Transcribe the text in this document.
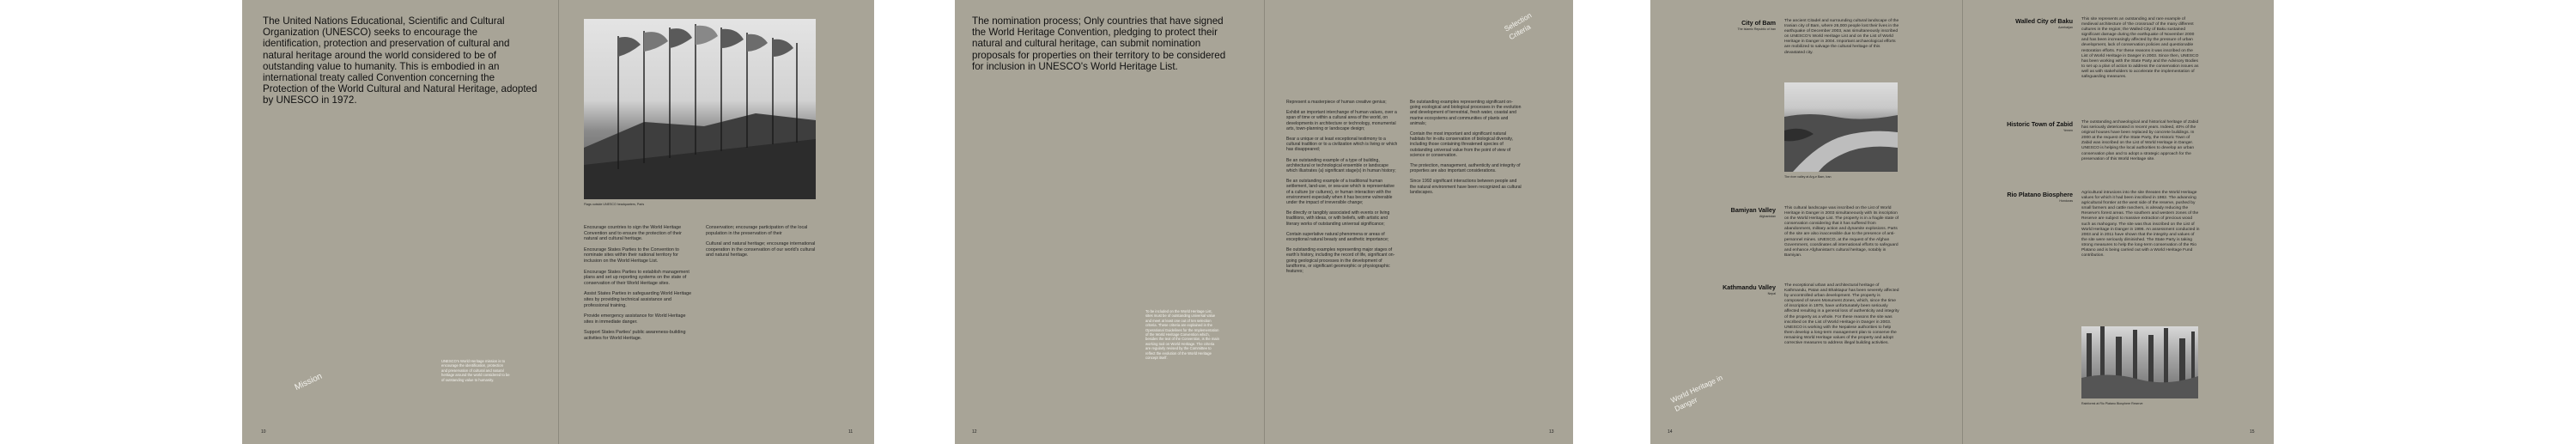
The United Nations Educational, Scientific and Cultural Organization (UNESCO) seeks to encourage the identification, protection and preservation of cultural and natural heritage around the world considered to be of outstanding value to humanity. This is embodied in an international treaty called Convention concerning the Protection of the World Cultural and Natural Heritage, adopted by UNESCO in 1972.

Flags outside UNESCO headquarters, Paris

Encourage countries to sign the World Heritage Convention and to ensure the protection of their natural and cultural heritage.

Encourage States Parties to the Convention to nominate sites within their national territory for inclusion on the World Heritage List.

Encourage States Parties to establish management plans and set up reporting systems on the state of conservation of their World Heritage sites.

Assist States Parties in safeguarding World Heritage sites by providing technical assistance and professional training.

Provide emergency assistance for World Heritage sites in immediate danger.

Support States Parties' public awareness-building activities for World Heritage.

Conservation; encourage participation of the local population in the preservation of their

Cultural and natural heritage; encourage international cooperation in the conservation of our world's cultural and natural heritage.

UNESCO's World Heritage mission is to encourage the identification, protection and preservation of cultural and natural heritage around the world considered to be of outstanding value to humanity.
Mission
10	11

The nomination process; Only countries that have signed the World Heritage Convention, pledging to protect their natural and cultural heritage, can submit nomination proposals for properties on their territory to be considered for inclusion in UNESCO's World Heritage List.

Selection Criteria

Represent a masterpiece of human creative genius;

Exhibit an important interchange of human values, over a span of time or within a cultural area of the world, on developments in architecture or technology, monumental arts, town-planning or landscape design;

Bear a unique or at least exceptional testimony to a cultural tradition or to a civilization which is living or which has disappeared;

Be an outstanding example of a type of building, architectural or technological ensemble or landscape which illustrates (a) significant stage(s) in human history;

Be an outstanding example of a traditional human settlement, land-use, or sea-use which is representative of a culture (or cultures), or human interaction with the environment especially when it has become vulnerable under the impact of irreversible change;

Be directly or tangibly associated with events or living traditions, with ideas, or with beliefs, with artistic and literary works of outstanding universal significance;

Contain superlative natural phenomena or areas of exceptional natural beauty and aesthetic importance;

Be outstanding examples representing major stages of earth's history, including the record of life, significant on-going geological processes in the development of landforms, or significant geomorphic or physiographic features;

Be outstanding examples representing significant on-going ecological and biological processes in the evolution and development of terrestrial, fresh water, coastal and marine ecosystems and communities of plants and animals;

Contain the most important and significant natural habitats for in-situ conservation of biological diversity, including those containing threatened species of outstanding universal value from the point of view of science or conservation.

The protection, management, authenticity and integrity of properties are also important considerations.

Since 1992 significant interactions between people and the natural environment have been recognized as cultural landscapes.

To be included on the World Heritage List, sites must be of outstanding universal value and meet at least one out of ten selection criteria. These criteria are explained in the Operational Guidelines for the Implementation of the World Heritage Convention which, besides the text of the Convention, is the main working tool on World Heritage. The criteria are regularly revised by the Committee to reflect the evolution of the World Heritage concept itself.
12	13
City of Bam
The Islamic Republic of Iran

The ancient Citadel and surrounding cultural landscape of the Iranian city of Bam, where 26,000 people lost their lives in the earthquake of December 2003, was simultaneously inscribed on UNESCO's World Heritage List and on the List of World Heritage in Danger in 2004. Important archaeological efforts are mobilized to salvage the cultural heritage of this devastated city.

The river valley at Arg-e Bam, Iran
Bamiyan Valley
Afghanistan

This cultural landscape was inscribed on the List of World Heritage in Danger in 2003 simultaneously with its inscription on the World Heritage List. The property is in a fragile state of conservation considering that it has suffered from abandonment, military action and dynamite explosions. Parts of the site are also inaccessible due to the presence of anti-personnel mines. UNESCO, at the request of the Afghan Government, coordinates all international efforts to safeguard and enhance Afghanistan's cultural heritage, notably in Bamiyan.

Kathmandu Valley
Nepal

The exceptional urban and architectural heritage of Kathmandu, Patan and Bhaktapur has been severely affected by uncontrolled urban development. The property is composed of seven Monument Zones, which, since the time of inscription in 1979, have unfortunately been seriously affected resulting in a general loss of authenticity and integrity of the property as a whole. For these reasons the site was inscribed on the List of World Heritage in Danger in 2003. UNESCO is working with the Nepalese authorities to help them develop a long-term management plan to conserve the remaining World Heritage values of the property and adopt corrective measures to address illegal building activities.

World Heritage in Danger
Walled City of Baku
Azerbaijan

This site represents an outstanding and rare example of medieval architecture of 'the crossroad' of the many different cultures in the region; the Walled City of Baku sustained significant damage during the earthquake of November 2000 and has been increasingly affected by the pressure of urban development, lack of conservation policies and questionable restoration efforts. For these reasons it was inscribed on the List of World Heritage in Danger in 2003. Since then, UNESCO has been working with the State Party and the Advisory Bodies to set up a plan of action to address the conservation issues as well as with stakeholders to accelerate the implementation of safeguarding measures.

Historic Town of Zabid
Yemen

The outstanding archaeological and historical heritage of Zabid has seriously deteriorated in recent years. Indeed, 40% of the original houses have been replaced by concrete buildings. In 2000 at the request of the State Party, the Historic Town of Zabid was inscribed on the List of World Heritage in Danger. UNESCO is helping the local authorities to develop an urban conservation plan and to adopt a strategic approach for the preservation of this World Heritage site.

Rio Platano Biosphere
Honduras

Agricultural intrusions into the site threaten the World Heritage values for which it had been inscribed in 1982. The advancing agricultural frontier at the west side of the reserve, pushed by small farmers and cattle ranchers, is already reducing the Reserve's forest areas. The southern and western zones of the Reserve are subject to massive extraction of precious wood such as mahogany. The site was thus inscribed on the List of World Heritage in Danger in 1996. An assessment conducted in 2003 and in 2011 have shown that the integrity and values of the site were seriously diminished. The State Party is taking strong measures to help the long-term conservation of the Rio Platano and is being carried out with a World Heritage Fund contribution.

Rainforest at Rio Platano Biosphere Reserve
14	15
